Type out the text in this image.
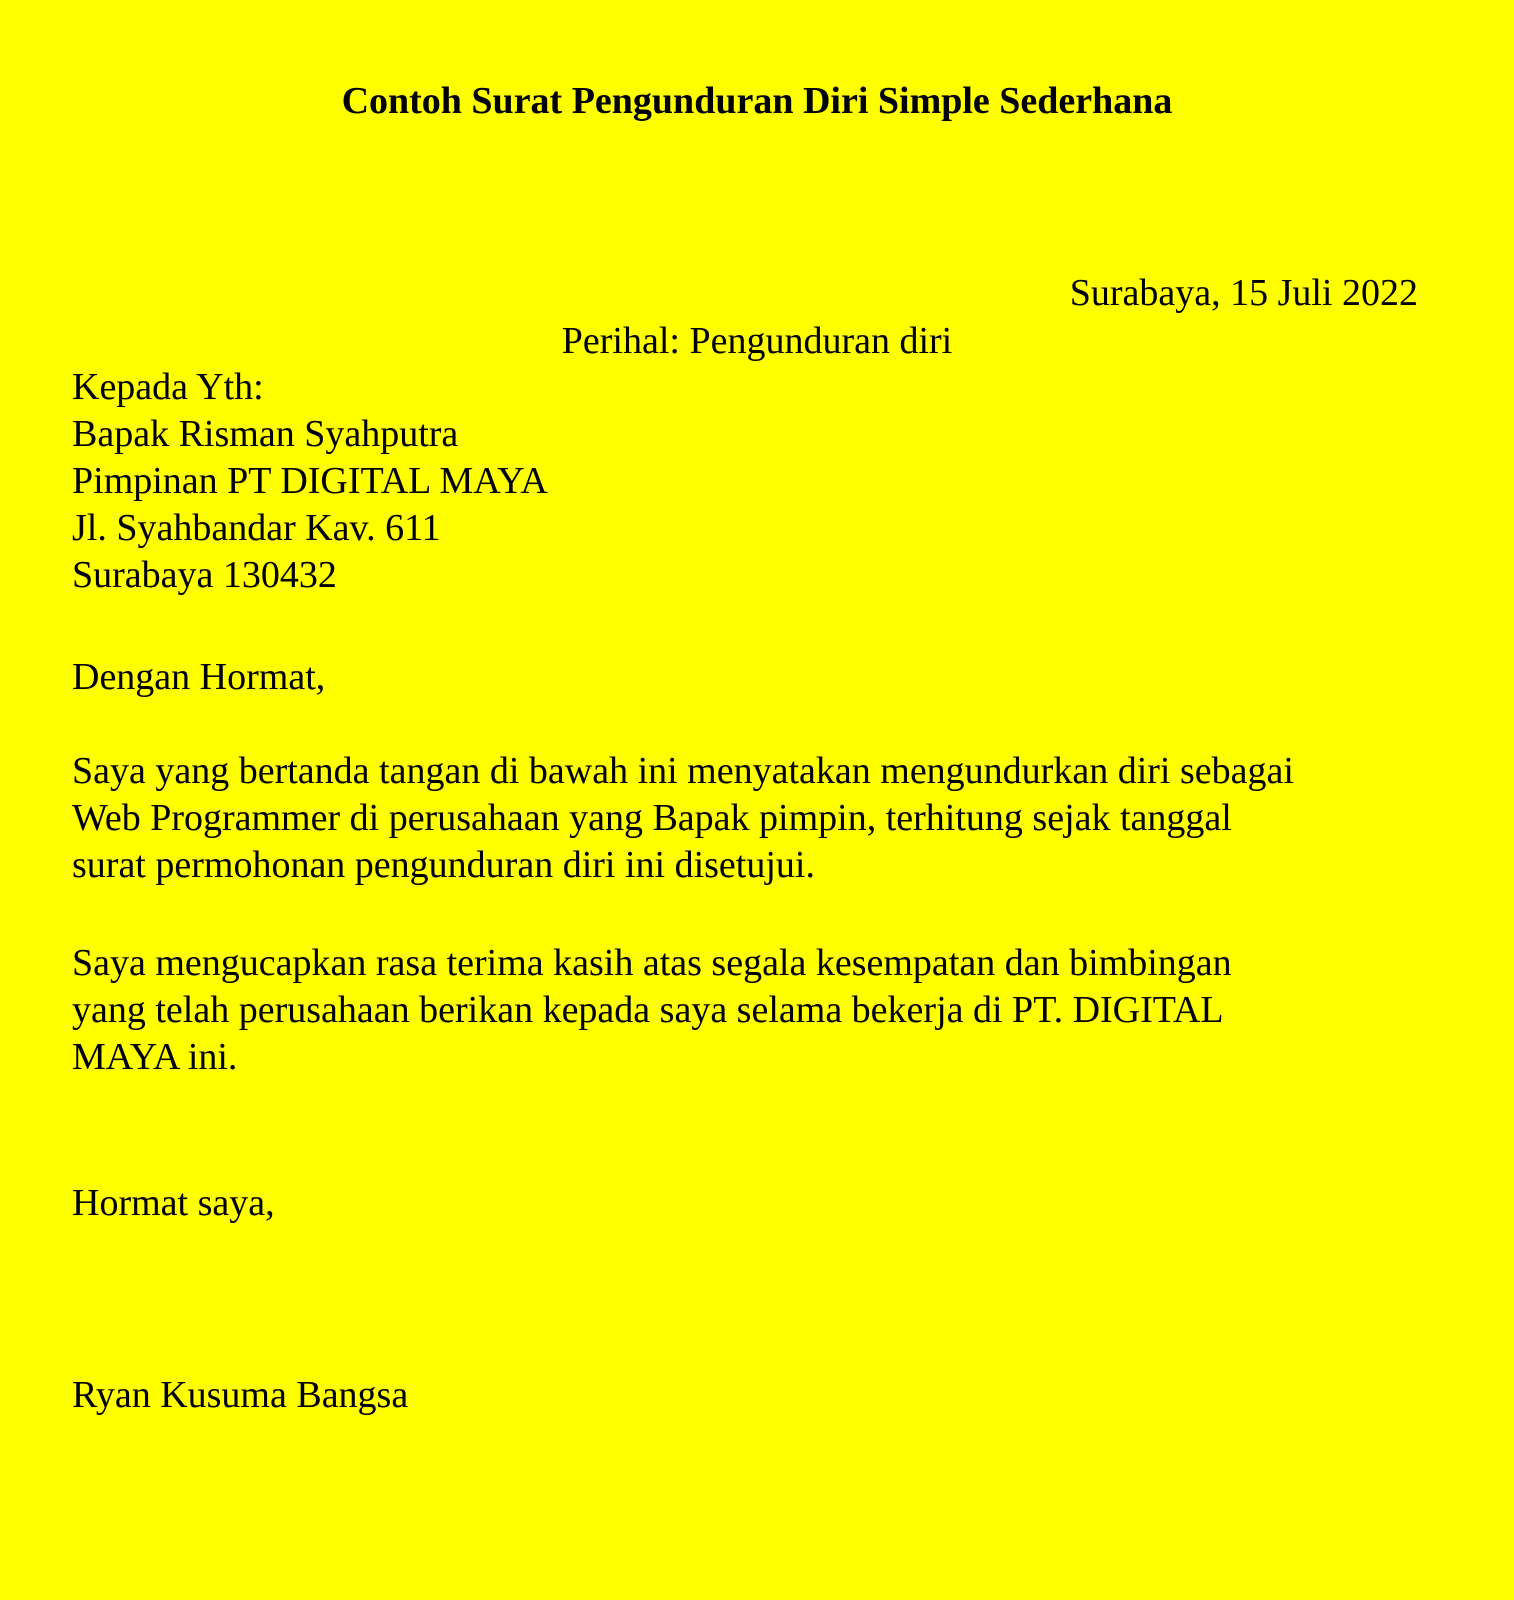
Contoh Surat Pengunduran Diri Simple Sederhana
Surabaya, 15 Juli 2022
Perihal: Pengunduran diri
Kepada Yth:
Bapak Risman Syahputra
Pimpinan PT DIGITAL MAYA
Jl. Syahbandar Kav. 611
Surabaya 130432
Dengan Hormat,
Saya yang bertanda tangan di bawah ini menyatakan mengundurkan diri sebagai
Web Programmer di perusahaan yang Bapak pimpin, terhitung sejak tanggal
surat permohonan pengunduran diri ini disetujui.
Saya mengucapkan rasa terima kasih atas segala kesempatan dan bimbingan
yang telah perusahaan berikan kepada saya selama bekerja di PT. DIGITAL
MAYA ini.
Hormat saya,
Ryan Kusuma Bangsa
